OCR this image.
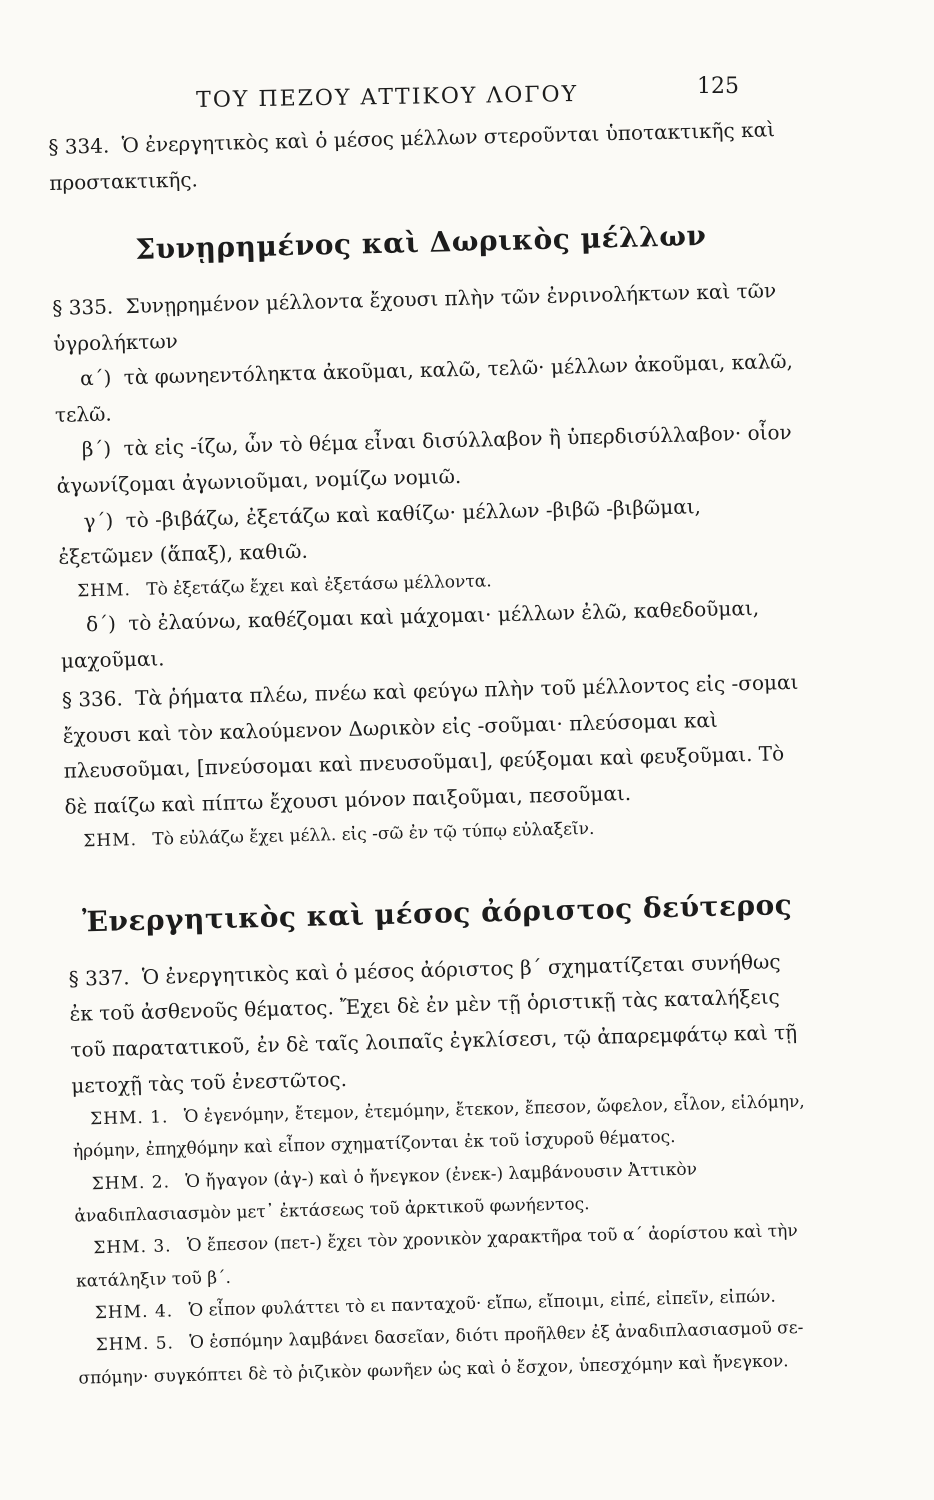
ΤΟΥ ΠΕΖΟΥ ΑΤΤΙΚΟΥ ΛΟΓΟΥ	125

§ 334. Ὁ ἐνεργητικὸς καὶ ὁ μέσος μέλλων στεροῦνται ὑποτακτικῆς καὶ προστακτικῆς.

Συνῃρημένος καὶ Δωρικὸς μέλλων

§ 335. Συνῃρημένον μέλλοντα ἔχουσι πλὴν τῶν ἐνρινολήκτων καὶ τῶν ὑγρολήκτων

α΄) τὰ φωνηεντόληκτα ἀκοῦμαι, καλῶ, τελῶ· μέλλων ἀκοῦμαι, καλῶ, τελῶ.

β΄) τὰ εἰς -ίζω, ὧν τὸ θέμα εἶναι δισύλλαβον ἢ ὑπερδισύλλαβον· οἷον ἀγωνίζομαι ἀγωνιοῦμαι, νομίζω νομιῶ.

γ΄) τὸ -βιβάζω, ἐξετάζω καὶ καθίζω· μέλλων -βιβῶ -βιβῶμαι, ἐξετῶμεν (ἅπαξ), καθιῶ.

ΣΗΜ. Τὸ ἐξετάζω ἔχει καὶ ἐξετάσω μέλλοντα.

δ΄) τὸ ἐλαύνω, καθέζομαι καὶ μάχομαι· μέλλων ἐλῶ, καθεδοῦμαι, μαχοῦμαι.

§ 336. Τὰ ῥήματα πλέω, πνέω καὶ φεύγω πλὴν τοῦ μέλλοντος εἰς -σομαι ἔχουσι καὶ τὸν καλούμενον Δωρικὸν εἰς -σοῦμαι· πλεύσομαι καὶ πλευσοῦμαι, [πνεύσομαι καὶ πνευσοῦμαι], φεύξομαι καὶ φευξοῦμαι. Τὸ δὲ παίζω καὶ πίπτω ἔχουσι μόνον παιξοῦμαι, πεσοῦμαι.

ΣΗΜ. Τὸ εὐλάζω ἔχει μέλλ. εἰς -σῶ ἐν τῷ τύπῳ εὐλαξεῖν.

Ἐνεργητικὸς καὶ μέσος ἀόριστος δεύτερος

§ 337. Ὁ ἐνεργητικὸς καὶ ὁ μέσος ἀόριστος β΄ σχηματίζεται συνήθως ἐκ τοῦ ἀσθενοῦς θέματος. Ἔχει δὲ ἐν μὲν τῇ ὁριστικῇ τὰς καταλήξεις τοῦ παρατατικοῦ, ἐν δὲ ταῖς λοιπαῖς ἐγκλίσεσι, τῷ ἀπαρεμφάτῳ καὶ τῇ μετοχῇ τὰς τοῦ ἐνεστῶτος.

ΣΗΜ. 1. Ὁ ἐγενόμην, ἔτεμον, ἐτεμόμην, ἔτεκον, ἔπεσον, ὤφελον, εἷλον, εἱλόμην, ἠρόμην, ἐπηχθόμην καὶ εἶπον σχηματίζονται ἐκ τοῦ ἰσχυροῦ θέματος.

ΣΗΜ. 2. Ὁ ἤγαγον (ἀγ-) καὶ ὁ ἤνεγκον (ἐνεκ-) λαμβάνουσιν Ἀττικὸν ἀναδιπλασιασμὸν μετ᾽ ἐκτάσεως τοῦ ἀρκτικοῦ φωνήεντος.

ΣΗΜ. 3. Ὁ ἔπεσον (πετ-) ἔχει τὸν χρονικὸν χαρακτῆρα τοῦ α΄ ἀορίστου καὶ τὴν κατάληξιν τοῦ β΄.

ΣΗΜ. 4. Ὁ εἶπον φυλάττει τὸ ει πανταχοῦ· εἴπω, εἴποιμι, εἰπέ, εἰπεῖν, εἰπών.

ΣΗΜ. 5. Ὁ ἑσπόμην λαμβάνει δασεῖαν, διότι προῆλθεν ἐξ ἀναδιπλασιασμοῦ σε-σπόμην· συγκόπτει δὲ τὸ ῥιζικὸν φωνῆεν ὡς καὶ ὁ ἔσχον, ὑπεσχόμην καὶ ἤνεγκον.
